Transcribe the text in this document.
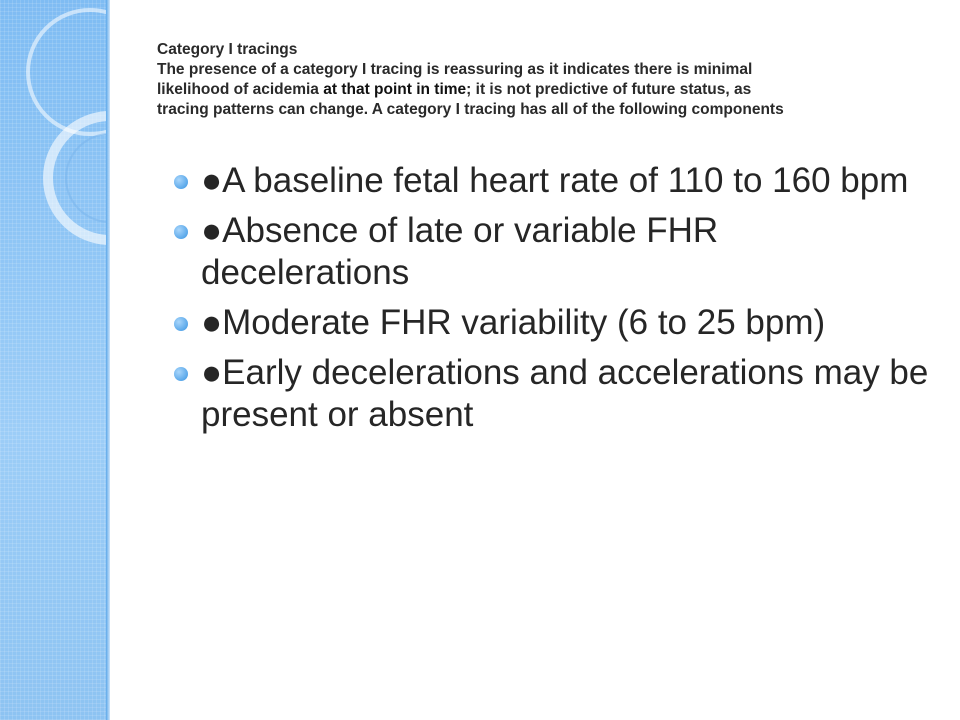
Category I tracings
The presence of a category I tracing is reassuring as it indicates there is minimal
likelihood of acidemia at that point in time; it is not predictive of future status, as
tracing patterns can change. A category I tracing has all of the following components
●A baseline fetal heart rate of 110 to 160 bpm
●Absence of late or variable FHR decelerations
●Moderate FHR variability (6 to 25 bpm)
●Early decelerations and accelerations may be present or absent
